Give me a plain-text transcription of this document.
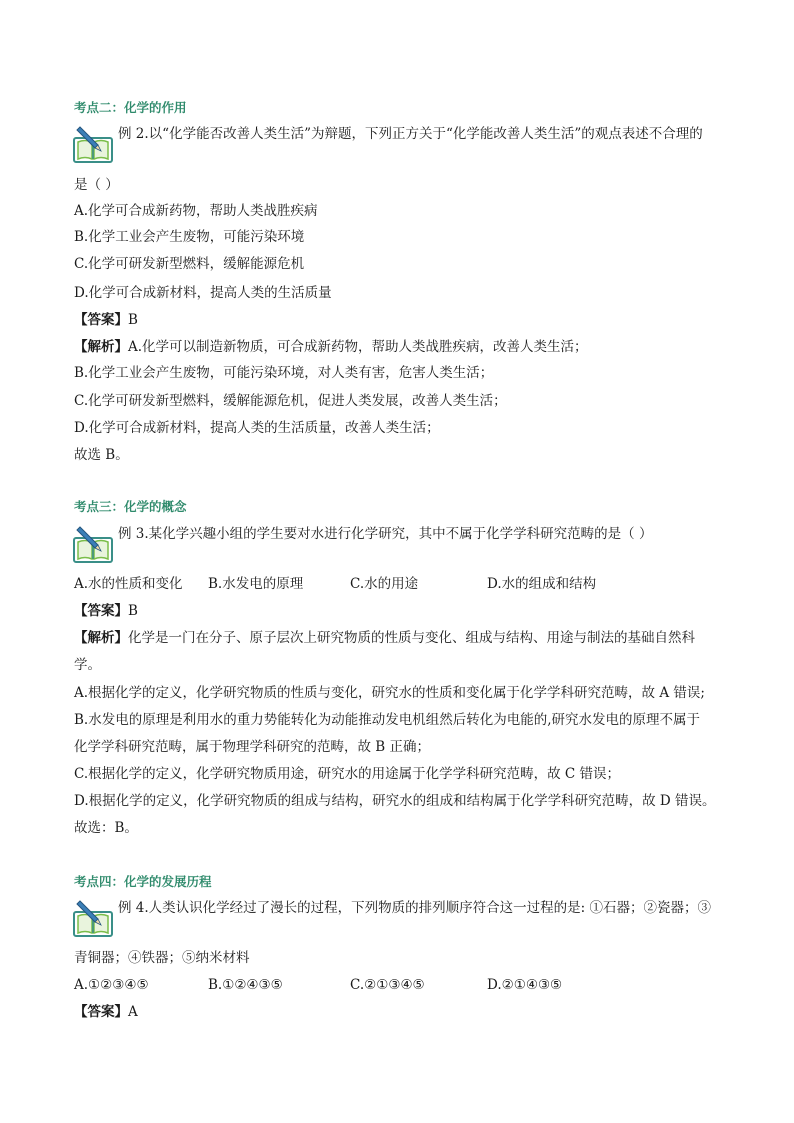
考点二：化学的作用
例 2.以“化学能否改善人类生活”为辩题，下列正方关于“化学能改善人类生活”的观点表述不合理的
是（ ）
A.化学可合成新药物，帮助人类战胜疾病
B.化学工业会产生废物，可能污染环境
C.化学可研发新型燃料，缓解能源危机
D.化学可合成新材料，提高人类的生活质量
【答案】B
【解析】A.化学可以制造新物质，可合成新药物，帮助人类战胜疾病，改善人类生活；
B.化学工业会产生废物，可能污染环境，对人类有害，危害人类生活；
C.化学可研发新型燃料，缓解能源危机，促进人类发展，改善人类生活；
D.化学可合成新材料，提高人类的生活质量，改善人类生活；
故选 B。
考点三：化学的概念
例 3.某化学兴趣小组的学生要对水进行化学研究，其中不属于化学学科研究范畴的是（ ）
A.水的性质和变化 B.水发电的原理	C.水的用途	D.水的组成和结构
【答案】B
【解析】化学是一门在分子、原子层次上研究物质的性质与变化、组成与结构、用途与制法的基础自然科
学。
A.根据化学的定义，化学研究物质的性质与变化，研究水的性质和变化属于化学学科研究范畴，故 A 错误;
B.水发电的原理是利用水的重力势能转化为动能推动发电机组然后转化为电能的,研究水发电的原理不属于
化学学科研究范畴，属于物理学科研究的范畴，故 B 正确；
C.根据化学的定义，化学研究物质用途，研究水的用途属于化学学科研究范畴，故 C 错误；
D.根据化学的定义，化学研究物质的组成与结构，研究水的组成和结构属于化学学科研究范畴，故 D 错误。
故选：B。
考点四：化学的发展历程
例 4.人类认识化学经过了漫长的过程，下列物质的排列顺序符合这一过程的是: ①石器；②瓷器；③
青铜器；④铁器；⑤纳米材料
A.①②③④⑤	B.①②④③⑤	C.②①③④⑤	D.②①④③⑤
【答案】A
